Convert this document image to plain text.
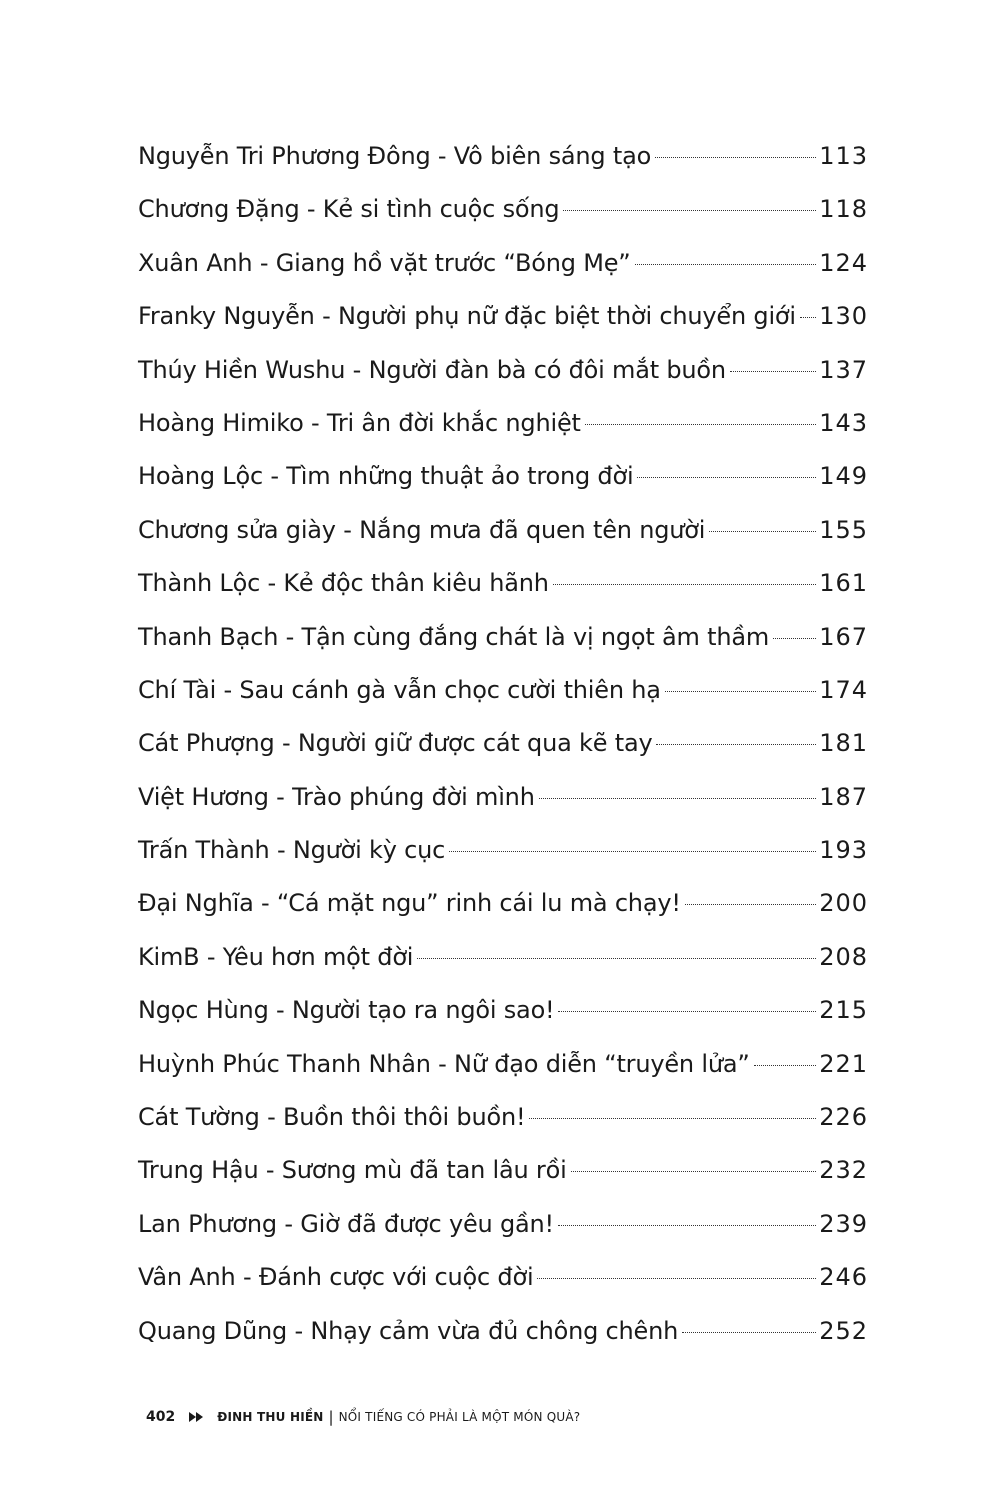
Nguyễn Tri Phương Đông - Vô biên sáng tạo	113
Chương Đặng - Kẻ si tình cuộc sống	118
Xuân Anh - Giang hồ vặt trước “Bóng Mẹ”	124
Franky Nguyễn - Người phụ nữ đặc biệt thời chuyển giới 130
Thúy Hiền Wushu - Người đàn bà có đôi mắt buồn	137
Hoàng Himiko - Tri ân đời khắc nghiệt	143
Hoàng Lộc - Tìm những thuật ảo trong đời	149
Chương sửa giày - Nắng mưa đã quen tên người	155
Thành Lộc - Kẻ độc thân kiêu hãnh	161
Thanh Bạch - Tận cùng đắng chát là vị ngọt âm thầm 167
Chí Tài - Sau cánh gà vẫn chọc cười thiên hạ	174
Cát Phượng - Người giữ được cát qua kẽ tay	181
Việt Hương - Trào phúng đời mình	187
Trấn Thành - Người kỳ cục	193
Đại Nghĩa - “Cá mặt ngu” rinh cái lu mà chạy!	200
KimB - Yêu hơn một đời	208
Ngọc Hùng - Người tạo ra ngôi sao!	215
Huỳnh Phúc Thanh Nhân - Nữ đạo diễn “truyền lửa”	221
Cát Tường - Buồn thôi thôi buồn!	226
Trung Hậu - Sương mù đã tan lâu rồi	232
Lan Phương - Giờ đã được yêu gần!	239
Vân Anh - Đánh cược với cuộc đời	246
Quang Dũng - Nhạy cảm vừa đủ chông chênh	252
402	ĐINH THU HIỀN | NỔI TIẾNG CÓ PHẢI LÀ MỘT MÓN QUÀ?
